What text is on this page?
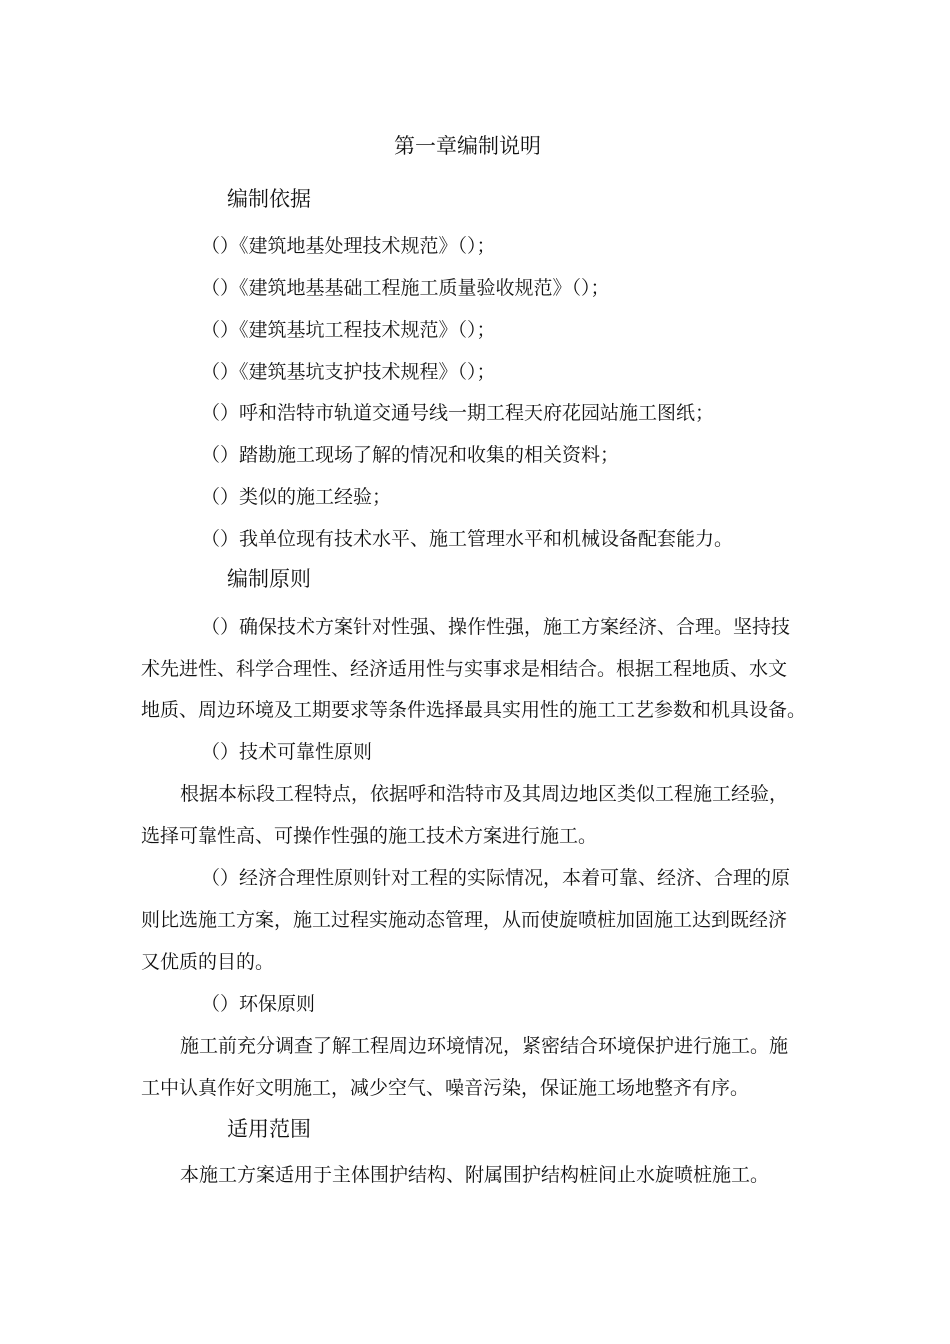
第一章编制说明
编制依据
（）《建筑地基处理技术规范》（）；
（）《建筑地基基础工程施工质量验收规范》（）；
（）《建筑基坑工程技术规范》（）；
（）《建筑基坑支护技术规程》（）；
（）呼和浩特市轨道交通号线一期工程天府花园站施工图纸；
（）踏勘施工现场了解的情况和收集的相关资料；
（）类似的施工经验；
（）我单位现有技术水平、施工管理水平和机械设备配套能力。
编制原则
（）确保技术方案针对性强、操作性强，施工方案经济、合理。坚持技
术先进性、科学合理性、经济适用性与实事求是相结合。根据工程地质、水文
地质、周边环境及工期要求等条件选择最具实用性的施工工艺参数和机具设备。
（）技术可靠性原则
根据本标段工程特点，依据呼和浩特市及其周边地区类似工程施工经验，
选择可靠性高、可操作性强的施工技术方案进行施工。
（）经济合理性原则针对工程的实际情况，本着可靠、经济、合理的原
则比选施工方案，施工过程实施动态管理，从而使旋喷桩加固施工达到既经济
又优质的目的。
（）环保原则
施工前充分调查了解工程周边环境情况，紧密结合环境保护进行施工。施
工中认真作好文明施工，减少空气、噪音污染，保证施工场地整齐有序。
适用范围
本施工方案适用于主体围护结构、附属围护结构桩间止水旋喷桩施工。
